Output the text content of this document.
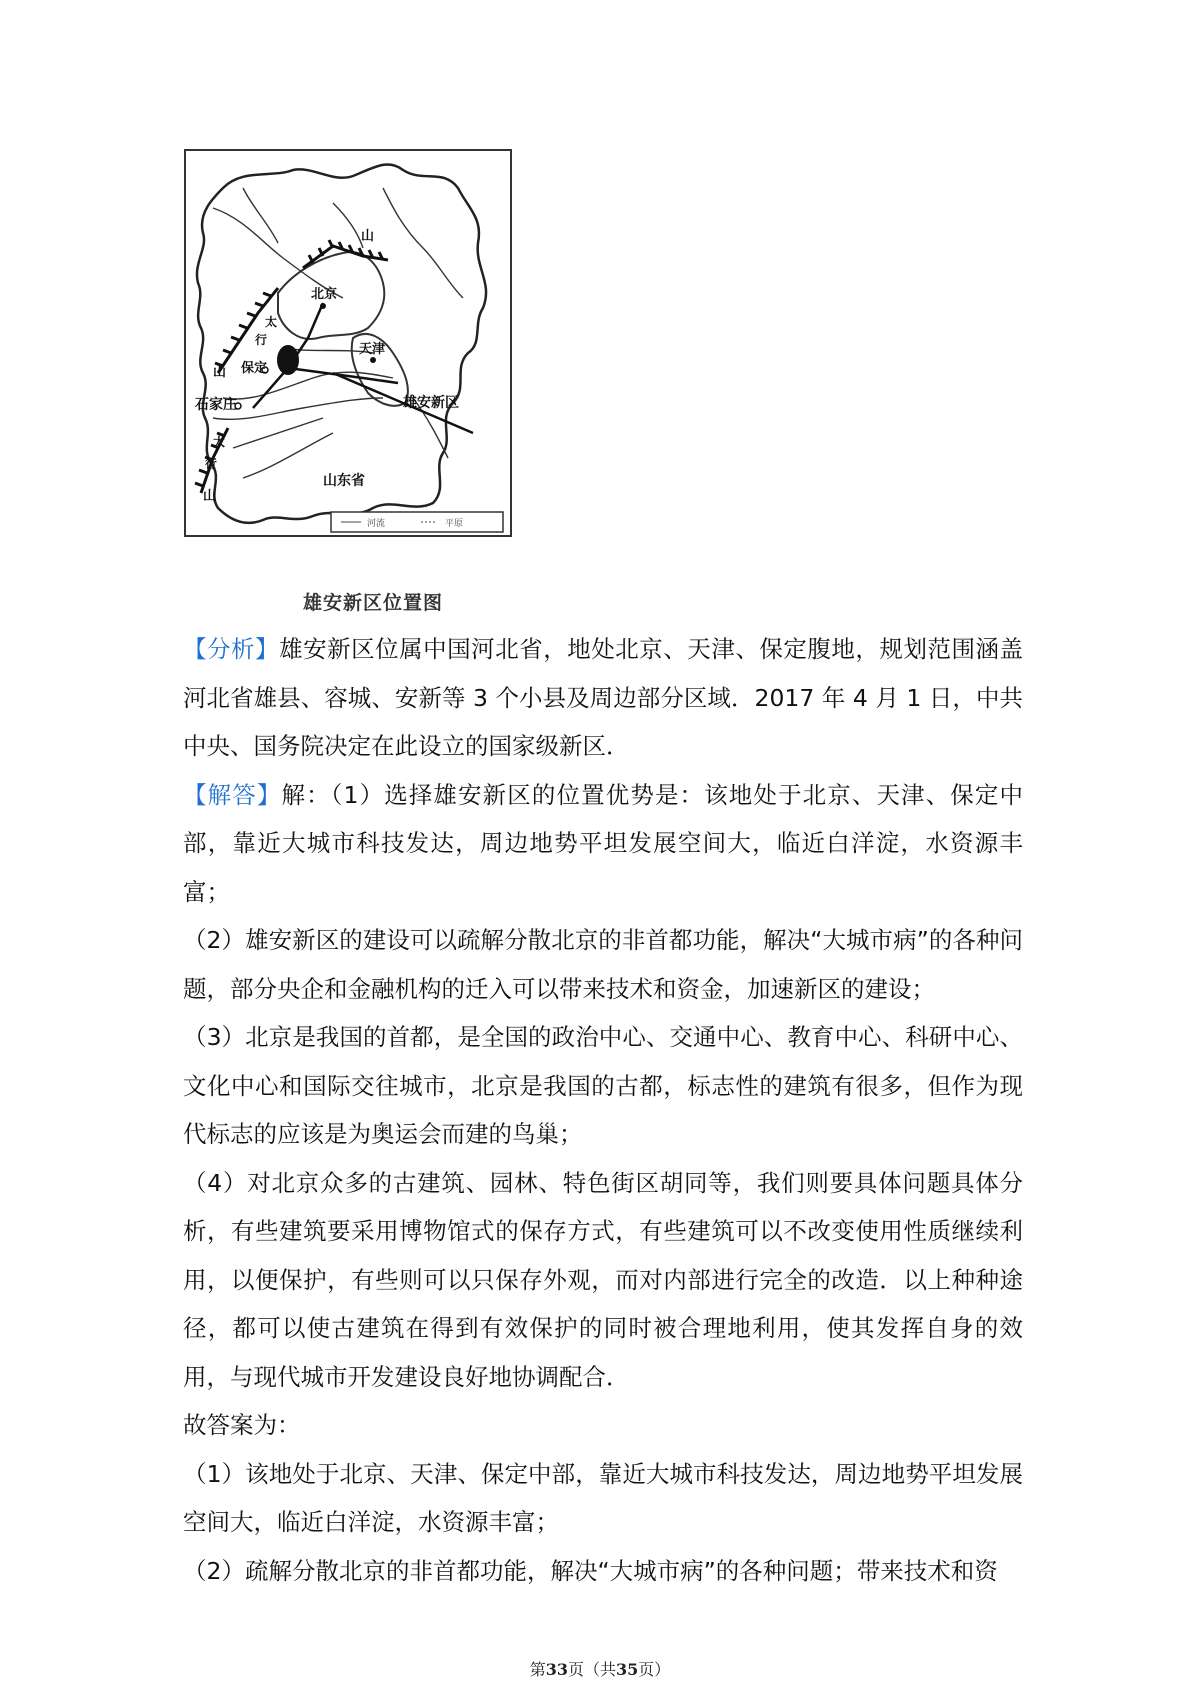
北京
天津
保定
石家庄	雄安新区
山东省
山
太
行
山
太
行
山
河流	平原
雄安新区位置图

【分析】雄安新区位属中国河北省，地处北京、天津、保定腹地，规划范围涵盖河北省雄县、容城、安新等 3 个小县及周边部分区域．2017 年 4 月 1 日，中共中央、国务院决定在此设立的国家级新区．

【解答】解：（1）选择雄安新区的位置优势是：该地处于北京、天津、保定中部，靠近大城市科技发达，周边地势平坦发展空间大，临近白洋淀，水资源丰富；

（2）雄安新区的建设可以疏解分散北京的非首都功能，解决“大城市病”的各种问题，部分央企和金融机构的迁入可以带来技术和资金，加速新区的建设；

（3）北京是我国的首都，是全国的政治中心、交通中心、教育中心、科研中心、文化中心和国际交往城市，北京是我国的古都，标志性的建筑有很多，但作为现代标志的应该是为奥运会而建的鸟巢；

（4）对北京众多的古建筑、园林、特色街区胡同等，我们则要具体问题具体分析，有些建筑要采用博物馆式的保存方式，有些建筑可以不改变使用性质继续利用，以便保护，有些则可以只保存外观，而对内部进行完全的改造．以上种种途径，都可以使古建筑在得到有效保护的同时被合理地利用，使其发挥自身的效用，与现代城市开发建设良好地协调配合．

故答案为：

（1）该地处于北京、天津、保定中部，靠近大城市科技发达，周边地势平坦发展空间大，临近白洋淀，水资源丰富；

（2）疏解分散北京的非首都功能，解决“大城市病”的各种问题；带来技术和资

第33页（共35页）
